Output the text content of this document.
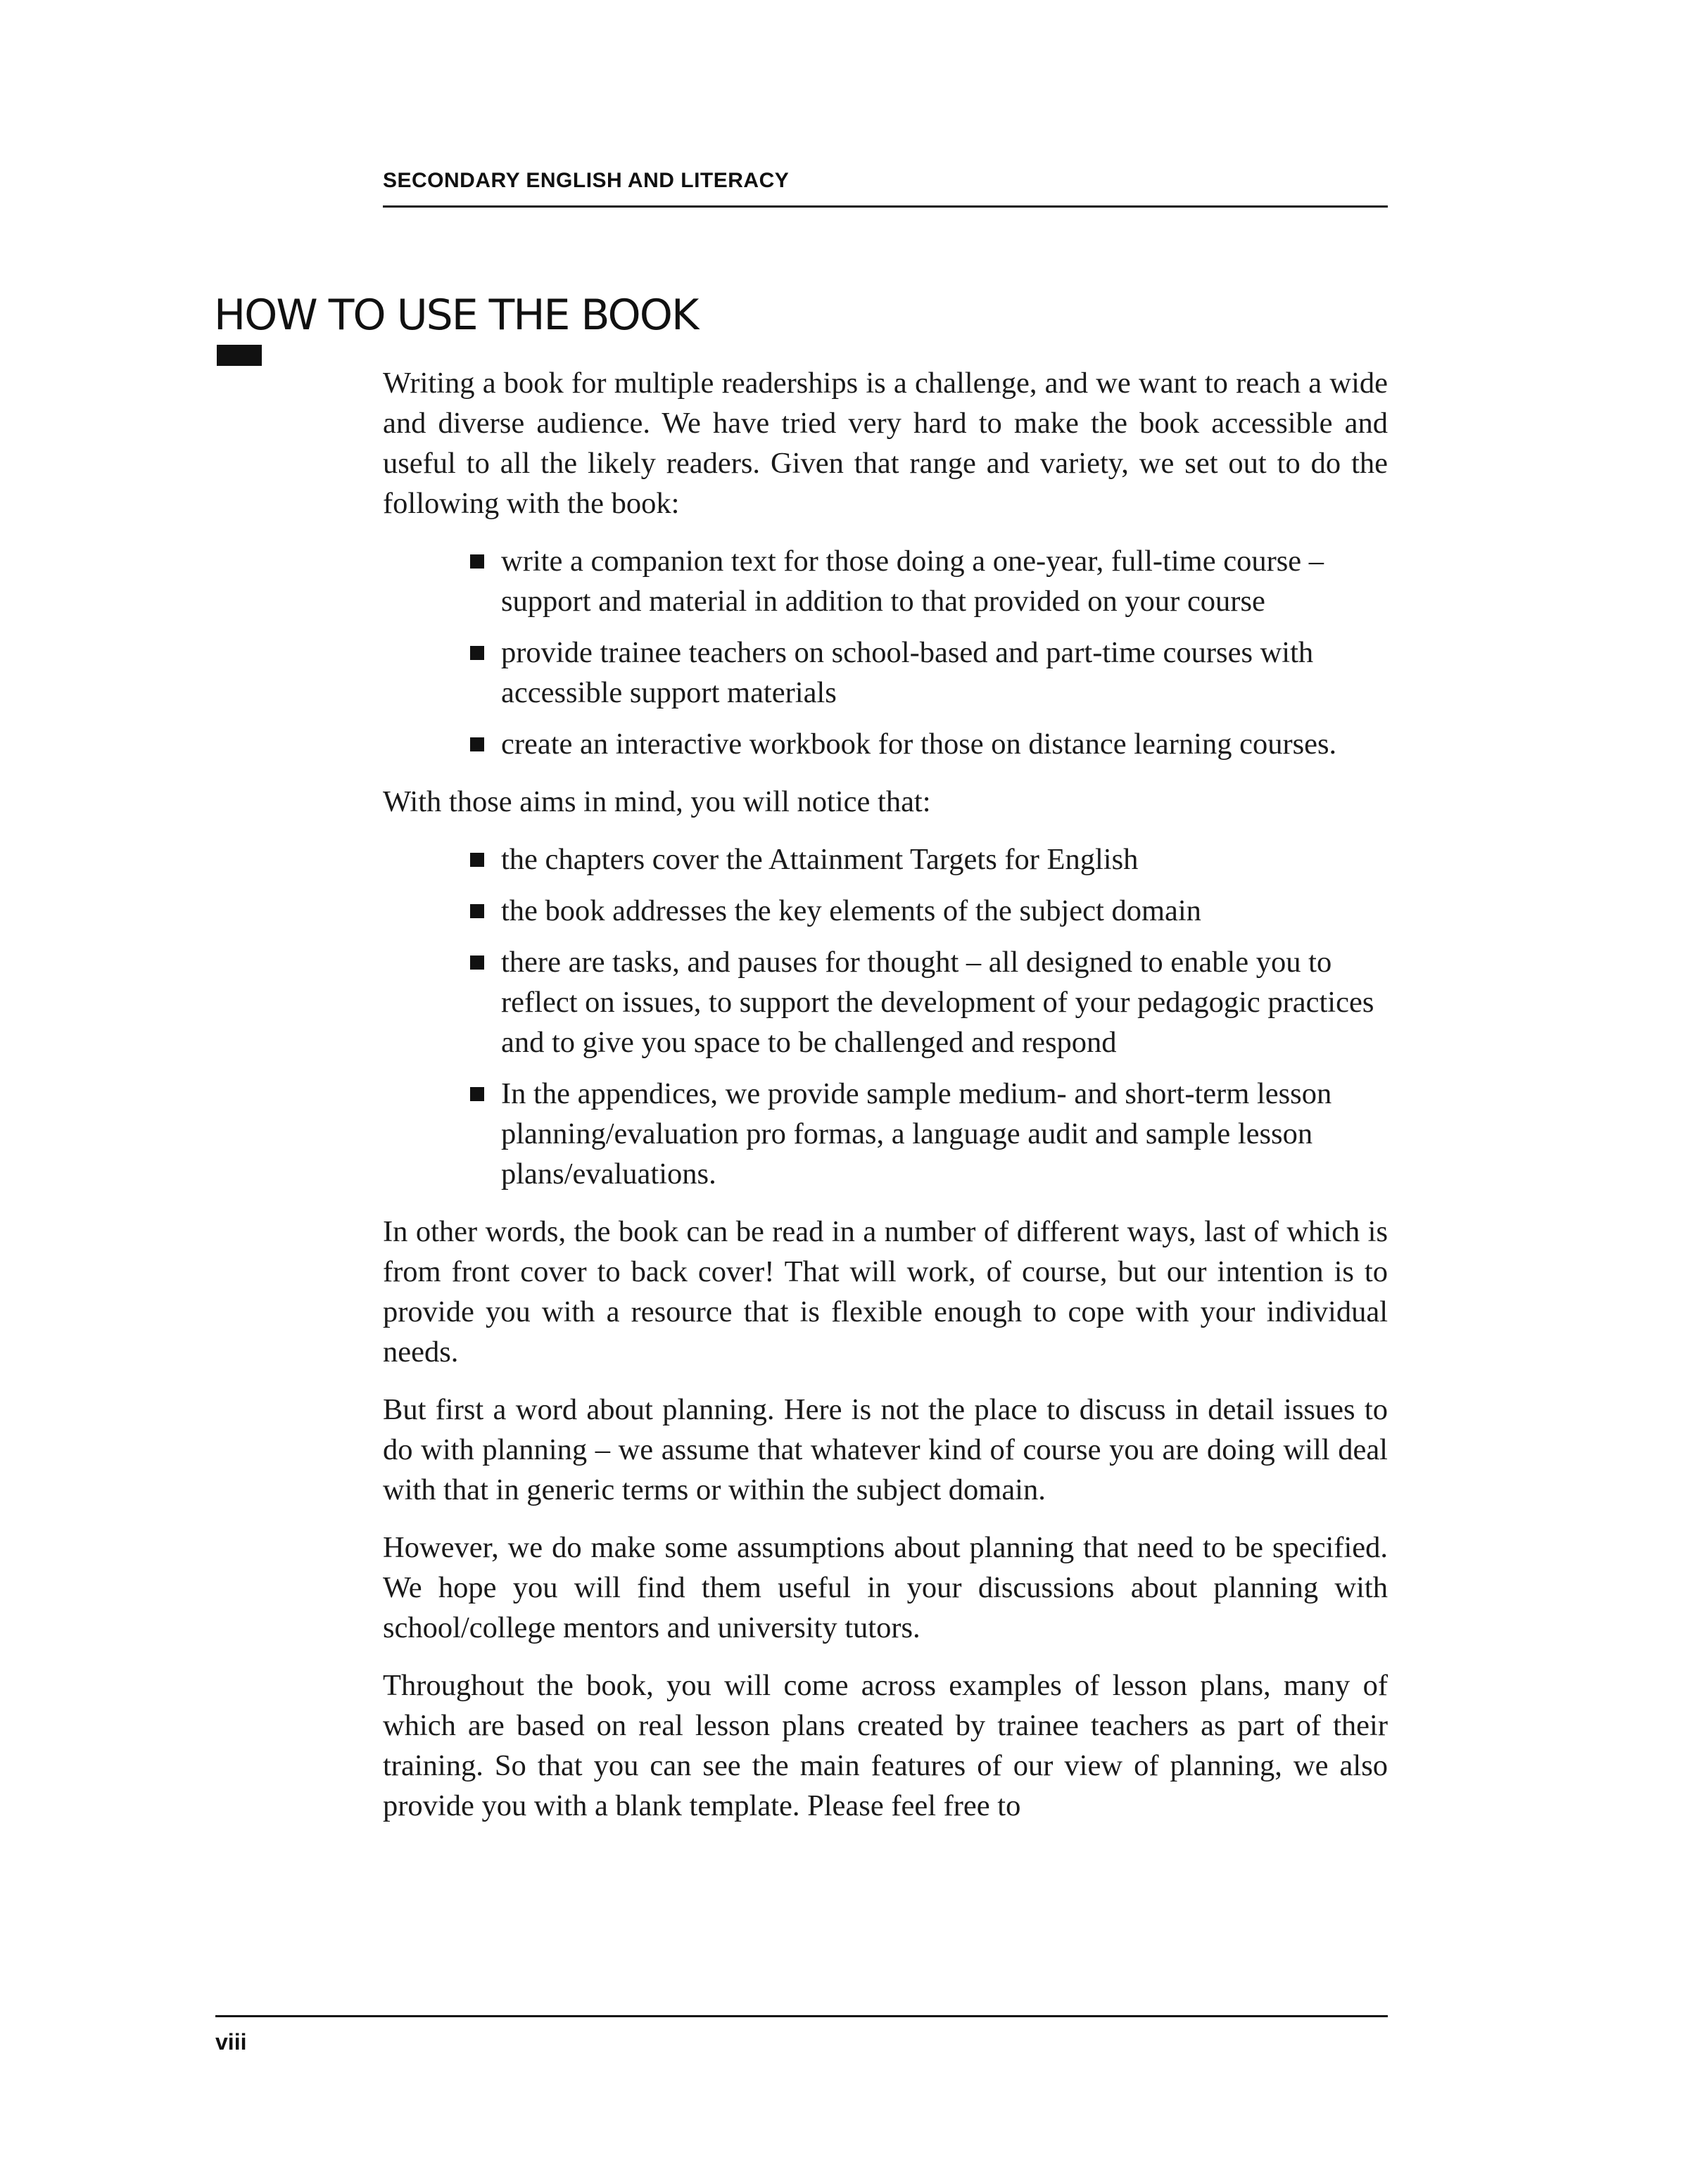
SECONDARY ENGLISH AND LITERACY
HOW TO USE THE BOOK

Writing a book for multiple readerships is a challenge, and we want to reach a wide and diverse audience. We have tried very hard to make the book accessible and useful to all the likely readers. Given that range and variety, we set out to do the following with the book:

write a companion text for those doing a one-year, full-time course – support and material in addition to that provided on your course
provide trainee teachers on school-based and part-time courses with accessible support materials
create an interactive workbook for those on distance learning courses.

With those aims in mind, you will notice that:

the chapters cover the Attainment Targets for English
the book addresses the key elements of the subject domain
there are tasks, and pauses for thought – all designed to enable you to reflect on issues, to support the development of your pedagogic practices and to give you space to be challenged and respond
In the appendices, we provide sample medium- and short-term lesson planning/evaluation pro formas, a language audit and sample lesson plans/evaluations.

In other words, the book can be read in a number of different ways, last of which is from front cover to back cover! That will work, of course, but our intention is to provide you with a resource that is flexible enough to cope with your individual needs.

But first a word about planning. Here is not the place to discuss in detail issues to do with planning – we assume that whatever kind of course you are doing will deal with that in generic terms or within the subject domain.

However, we do make some assumptions about planning that need to be specified. We hope you will find them useful in your discussions about planning with school/college mentors and university tutors.

Throughout the book, you will come across examples of lesson plans, many of which are based on real lesson plans created by trainee teachers as part of their training. So that you can see the main features of our view of planning, we also provide you with a blank template. Please feel free to

viii
